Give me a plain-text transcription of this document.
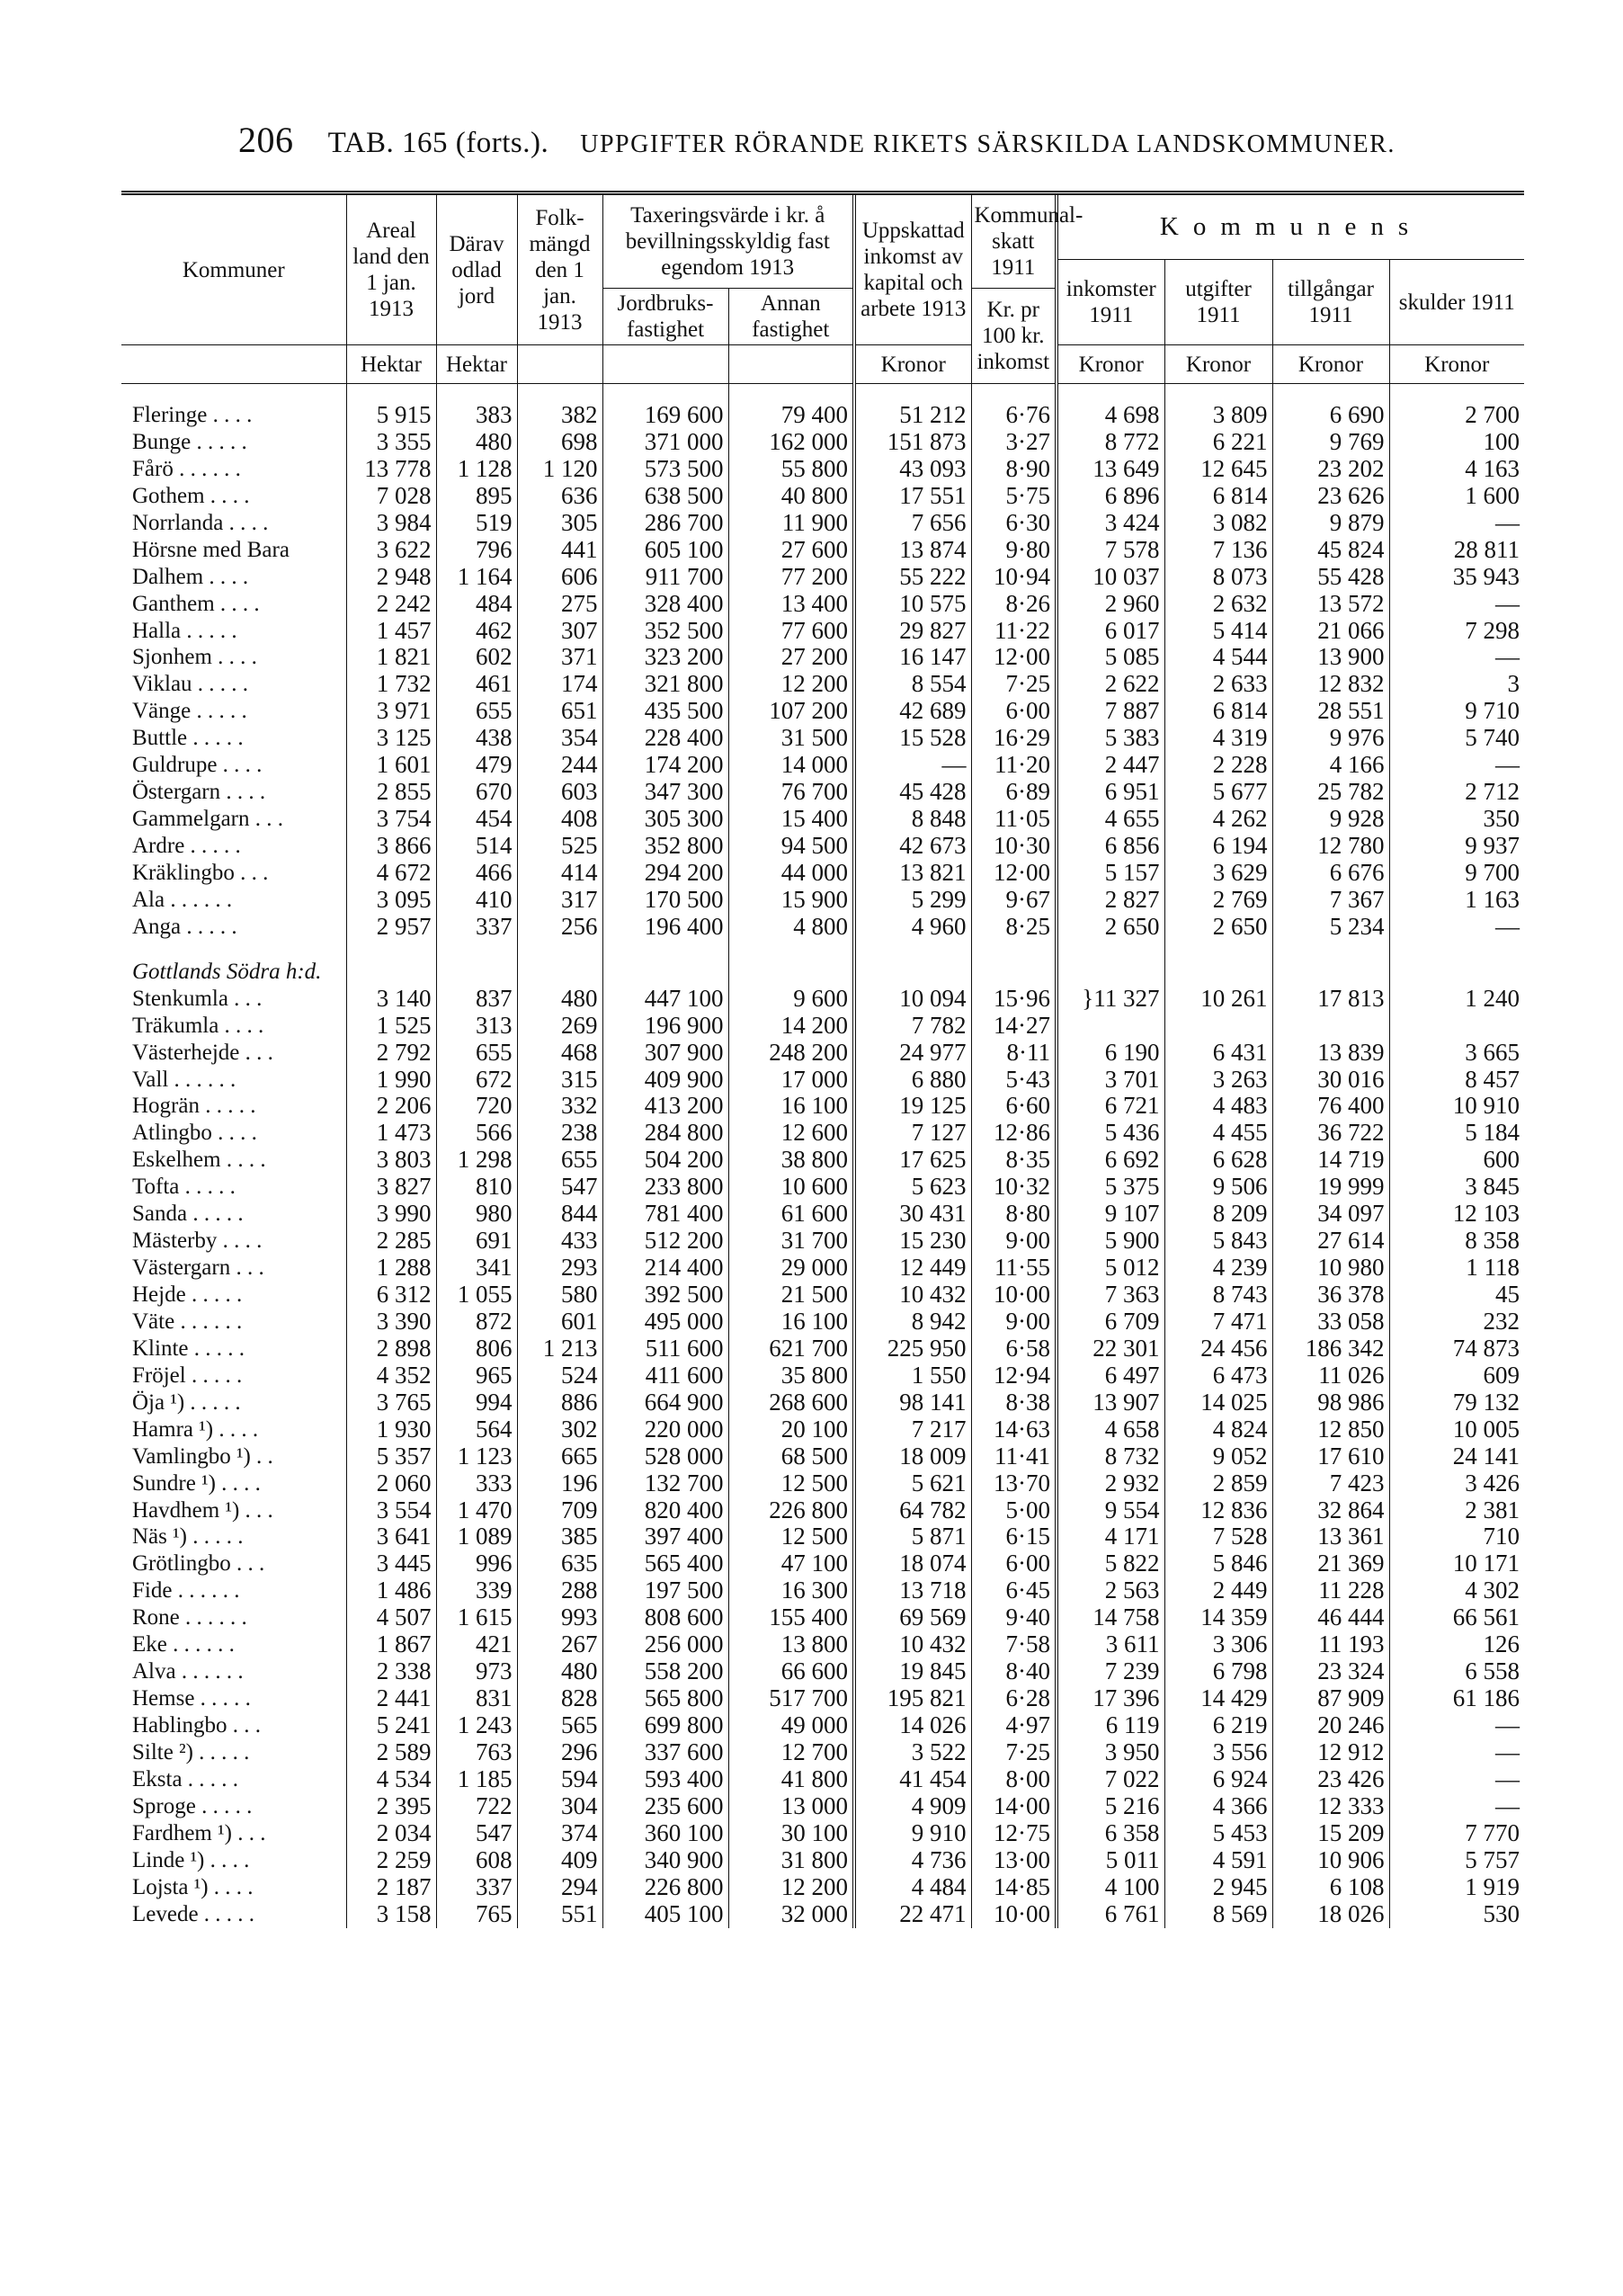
206 TAB. 165 (forts.). UPPGIFTER RÖRANDE RIKETS SÄRSKILDA LANDSKOMMUNER.
Kommuner	Areal land den 1 jan. 1913	Därav odlad jord	Folk-mängd den 1 jan. 1913	Taxeringsvärde i kr. å bevillningsskyldig fast egendom 1913		Uppskattad inkomst av kapital och arbete 1913	Kommunal-skatt 1911	Kommunens			
								inkomster 1911	utgifter 1911	tillgångar 1911	skulder 1911
				Jordbruks-fastighet	Annan fastighet		Kr. pr 100 kr. inkomst				
	Hektar	Hektar				Kronor		Kronor	Kronor	Kronor	Kronor

Fleringe . . . .	5 915	383	382	169 600	79 400	51 212	6·76	4 698	3 809	6 690	2 700
Bunge . . . . .	3 355	480	698	371 000	162 000	151 873	3·27	8 772	6 221	9 769	100
Fårö . . . . . .	13 778	1 128	1 120	573 500	55 800	43 093	8·90	13 649	12 645	23 202	4 163
Gothem . . . .	7 028	895	636	638 500	40 800	17 551	5·75	6 896	6 814	23 626	1 600
Norrlanda . . . .	3 984	519	305	286 700	11 900	7 656	6·30	3 424	3 082	9 879	—
Hörsne med Bara	3 622	796	441	605 100	27 600	13 874	9·80	7 578	7 136	45 824	28 811
Dalhem . . . .	2 948	1 164	606	911 700	77 200	55 222	10·94	10 037	8 073	55 428	35 943
Ganthem . . . .	2 242	484	275	328 400	13 400	10 575	8·26	2 960	2 632	13 572	—
Halla . . . . .	1 457	462	307	352 500	77 600	29 827	11·22	6 017	5 414	21 066	7 298
Sjonhem . . . .	1 821	602	371	323 200	27 200	16 147	12·00	5 085	4 544	13 900	—
Viklau . . . . .	1 732	461	174	321 800	12 200	8 554	7·25	2 622	2 633	12 832	3
Vänge . . . . .	3 971	655	651	435 500	107 200	42 689	6·00	7 887	6 814	28 551	9 710
Buttle . . . . .	3 125	438	354	228 400	31 500	15 528	16·29	5 383	4 319	9 976	5 740
Guldrupe . . . .	1 601	479	244	174 200	14 000	—	11·20	2 447	2 228	4 166	—
Östergarn . . . .	2 855	670	603	347 300	76 700	45 428	6·89	6 951	5 677	25 782	2 712
Gammelgarn . . .	3 754	454	408	305 300	15 400	8 848	11·05	4 655	4 262	9 928	350
Ardre . . . . .	3 866	514	525	352 800	94 500	42 673	10·30	6 856	6 194	12 780	9 937
Kräklingbo . . .	4 672	466	414	294 200	44 000	13 821	12·00	5 157	3 629	6 676	9 700
Ala . . . . . .	3 095	410	317	170 500	15 900	5 299	9·67	2 827	2 769	7 367	1 163
Anga . . . . .	2 957	337	256	196 400	4 800	4 960	8·25	2 650	2 650	5 234	—

Gottlands Södra h:d.											
Stenkumla . . .	3 140	837	480	447 100	9 600	10 094	15·96	}11 327	10 261	17 813	1 240
Träkumla . . . .	1 525	313	269	196 900	14 200	7 782	14·27				
Västerhejde . . .	2 792	655	468	307 900	248 200	24 977	8·11	6 190	6 431	13 839	3 665
Vall . . . . . .	1 990	672	315	409 900	17 000	6 880	5·43	3 701	3 263	30 016	8 457
Hogrän . . . . .	2 206	720	332	413 200	16 100	19 125	6·60	6 721	4 483	76 400	10 910
Atlingbo . . . .	1 473	566	238	284 800	12 600	7 127	12·86	5 436	4 455	36 722	5 184
Eskelhem . . . .	3 803	1 298	655	504 200	38 800	17 625	8·35	6 692	6 628	14 719	600
Tofta . . . . .	3 827	810	547	233 800	10 600	5 623	10·32	5 375	9 506	19 999	3 845
Sanda . . . . .	3 990	980	844	781 400	61 600	30 431	8·80	9 107	8 209	34 097	12 103
Mästerby . . . .	2 285	691	433	512 200	31 700	15 230	9·00	5 900	5 843	27 614	8 358
Västergarn . . .	1 288	341	293	214 400	29 000	12 449	11·55	5 012	4 239	10 980	1 118
Hejde . . . . .	6 312	1 055	580	392 500	21 500	10 432	10·00	7 363	8 743	36 378	45
Väte . . . . . .	3 390	872	601	495 000	16 100	8 942	9·00	6 709	7 471	33 058	232
Klinte . . . . .	2 898	806	1 213	511 600	621 700	225 950	6·58	22 301	24 456	186 342	74 873
Fröjel . . . . .	4 352	965	524	411 600	35 800	1 550	12·94	6 497	6 473	11 026	609
Öja ¹) . . . . .	3 765	994	886	664 900	268 600	98 141	8·38	13 907	14 025	98 986	79 132
Hamra ¹) . . . .	1 930	564	302	220 000	20 100	7 217	14·63	4 658	4 824	12 850	10 005
Vamlingbo ¹) . .	5 357	1 123	665	528 000	68 500	18 009	11·41	8 732	9 052	17 610	24 141
Sundre ¹) . . . .	2 060	333	196	132 700	12 500	5 621	13·70	2 932	2 859	7 423	3 426
Havdhem ¹) . . .	3 554	1 470	709	820 400	226 800	64 782	5·00	9 554	12 836	32 864	2 381
Näs ¹) . . . . .	3 641	1 089	385	397 400	12 500	5 871	6·15	4 171	7 528	13 361	710
Grötlingbo . . .	3 445	996	635	565 400	47 100	18 074	6·00	5 822	5 846	21 369	10 171
Fide . . . . . .	1 486	339	288	197 500	16 300	13 718	6·45	2 563	2 449	11 228	4 302
Rone . . . . . .	4 507	1 615	993	808 600	155 400	69 569	9·40	14 758	14 359	46 444	66 561
Eke . . . . . .	1 867	421	267	256 000	13 800	10 432	7·58	3 611	3 306	11 193	126
Alva . . . . . .	2 338	973	480	558 200	66 600	19 845	8·40	7 239	6 798	23 324	6 558
Hemse . . . . .	2 441	831	828	565 800	517 700	195 821	6·28	17 396	14 429	87 909	61 186
Hablingbo . . .	5 241	1 243	565	699 800	49 000	14 026	4·97	6 119	6 219	20 246	—
Silte ²) . . . . .	2 589	763	296	337 600	12 700	3 522	7·25	3 950	3 556	12 912	—
Eksta . . . . .	4 534	1 185	594	593 400	41 800	41 454	8·00	7 022	6 924	23 426	—
Sproge . . . . .	2 395	722	304	235 600	13 000	4 909	14·00	5 216	4 366	12 333	—
Fardhem ¹) . . .	2 034	547	374	360 100	30 100	9 910	12·75	6 358	5 453	15 209	7 770
Linde ¹) . . . .	2 259	608	409	340 900	31 800	4 736	13·00	5 011	4 591	10 906	5 757
Lojsta ¹) . . . .	2 187	337	294	226 800	12 200	4 484	14·85	4 100	2 945	6 108	1 919
Levede . . . . .	3 158	765	551	405 100	32 000	22 471	10·00	6 761	8 569	18 026	530
